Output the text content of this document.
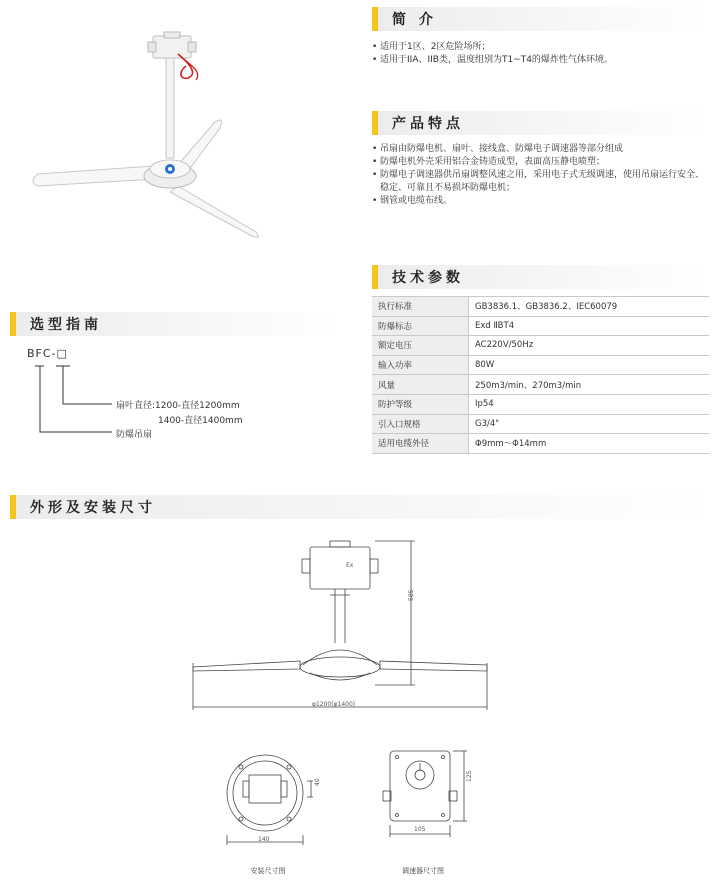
简 介
• 适用于1区、2区危险场所；
• 适用于IIA、IIB类，温度组别为T1~T4的爆炸性气体环境。
产品特点
• 吊扇由防爆电机、扇叶、接线盒、防爆电子调速器等部分组成
• 防爆电机外壳采用铝合金铸造成型，表面高压静电喷塑；
• 防爆电子调速器供吊扇调整风速之用，采用电子式无级调速，使用吊扇运行安全、稳定、可靠且不易损坏防爆电机；
• 钢管或电缆布线。
技术参数
执行标准	GB3836.1、GB3836.2、IEC60079
防爆标志	Exd ⅡBT4
额定电压	AC220V/50Hz
输入功率	80W
风量	250m3/min、270m3/min
防护等级	Ip54
引入口规格	G3/4"
适用电缆外径	Φ9mm～Φ14mm
选型指南
BFC-□
扇叶直径:1200-直径1200mm
1400-直径1400mm
防爆吊扇
外形及安装尺寸
φ1200(φ1400)
~585
Ex
140
40
安装尺寸图
105
125
调速器尺寸图
